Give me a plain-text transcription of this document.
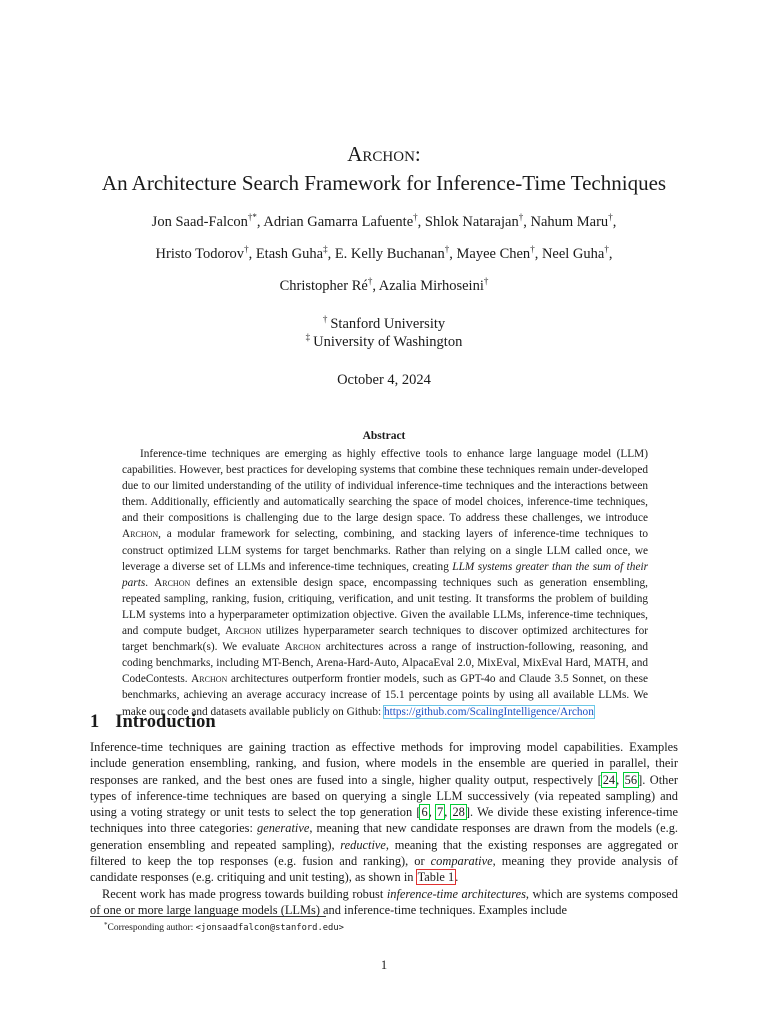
Archon:
An Architecture Search Framework for Inference-Time Techniques
Jon Saad-Falcon†*, Adrian Gamarra Lafuente†, Shlok Natarajan†, Nahum Maru†,
Hristo Todorov†, Etash Guha‡, E. Kelly Buchanan†, Mayee Chen†, Neel Guha†,
Christopher Ré†, Azalia Mirhoseini†
† Stanford University
‡ University of Washington
October 4, 2024
Abstract
Inference-time techniques are emerging as highly effective tools to enhance large language model (LLM) capabilities. However, best practices for developing systems that combine these techniques remain under-developed due to our limited understanding of the utility of individual inference-time techniques and the interactions between them. Additionally, efficiently and automatically searching the space of model choices, inference-time techniques, and their compositions is challenging due to the large design space. To address these challenges, we introduce Archon, a modular framework for selecting, combining, and stacking layers of inference-time techniques to construct optimized LLM systems for target benchmarks. Rather than relying on a single LLM called once, we leverage a diverse set of LLMs and inference-time techniques, creating LLM systems greater than the sum of their parts. Archon defines an extensible design space, encompassing techniques such as generation ensembling, repeated sampling, ranking, fusion, critiquing, verification, and unit testing. It transforms the problem of building LLM systems into a hyperparameter optimization objective. Given the available LLMs, inference-time techniques, and compute budget, Archon utilizes hyperparameter search techniques to discover optimized architectures for target benchmark(s). We evaluate Archon architectures across a range of instruction-following, reasoning, and coding benchmarks, including MT-Bench, Arena-Hard-Auto, AlpacaEval 2.0, MixEval, MixEval Hard, MATH, and CodeContests. Archon architectures outperform frontier models, such as GPT-4o and Claude 3.5 Sonnet, on these benchmarks, achieving an average accuracy increase of 15.1 percentage points by using all available LLMs. We make our code and datasets available publicly on Github: https://github.com/ScalingIntelligence/Archon
1 Introduction

Inference-time techniques are gaining traction as effective methods for improving model capabilities. Examples include generation ensembling, ranking, and fusion, where models in the ensemble are queried in parallel, their responses are ranked, and the best ones are fused into a single, higher quality output, respectively [24, 56]. Other types of inference-time techniques are based on querying a single LLM successively (via repeated sampling) and using a voting strategy or unit tests to select the top generation [6, 7, 28]. We divide these existing inference-time techniques into three categories: generative, meaning that new candidate responses are drawn from the models (e.g. generation ensembling and repeated sampling), reductive, meaning that the existing responses are aggregated or filtered to keep the top responses (e.g. fusion and ranking), or comparative, meaning they provide analysis of candidate responses (e.g. critiquing and unit testing), as shown in Table 1.

Recent work has made progress towards building robust inference-time architectures, which are systems composed of one or more large language models (LLMs) and inference-time techniques. Examples include

*Corresponding author: <jonsaadfalcon@stanford.edu>
1
